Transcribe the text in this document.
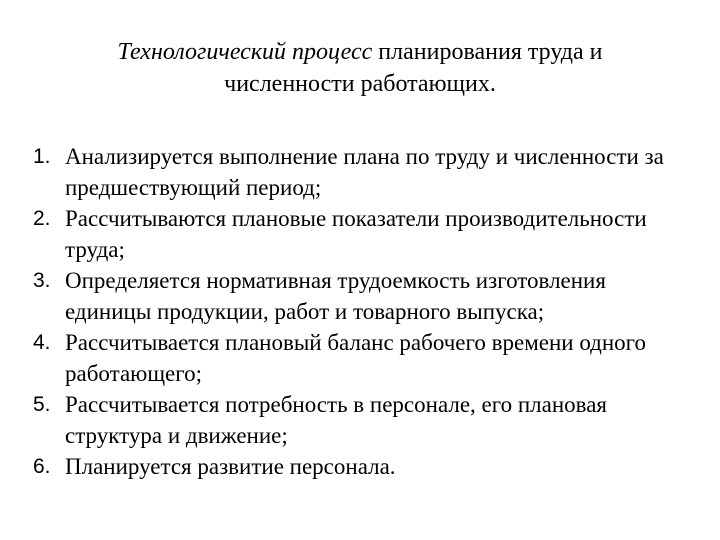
Технологический процесс планирования труда и
численности работающих.
1. Анализируется выполнение плана по труду и численности за предшествующий период;
2. Рассчитываются плановые показатели производительности труда;
3. Определяется нормативная трудоемкость изготовления единицы продукции, работ и товарного выпуска;
4. Рассчитывается плановый баланс рабочего времени одного работающего;
5. Рассчитывается потребность в персонале, его плановая структура и движение;
6. Планируется развитие персонала.
